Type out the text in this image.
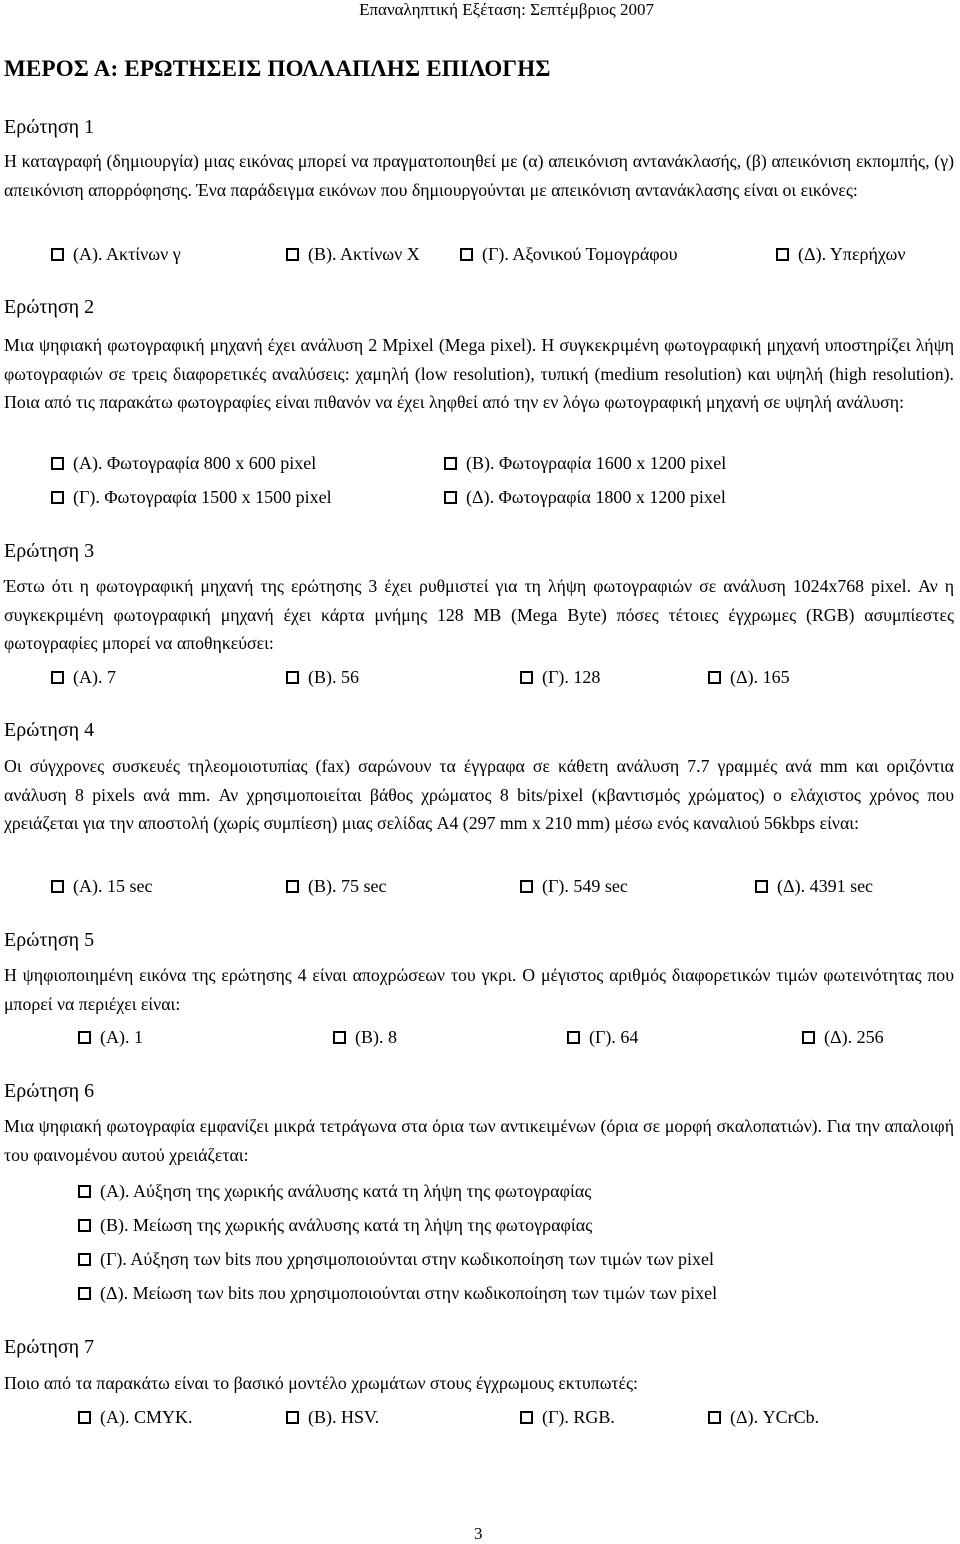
Επαναληπτική Εξέταση: Σεπτέμβριος 2007
ΜΕΡΟΣ Α: ΕΡΩΤΗΣΕΙΣ ΠΟΛΛΑΠΛΗΣ ΕΠΙΛΟΓΗΣ
Ερώτηση 1
Η καταγραφή (δημιουργία) μιας εικόνας μπορεί να πραγματοποιηθεί με (α) απεικόνιση αντανάκλασής, (β) απεικόνιση εκπομπής, (γ) απεικόνιση απορρόφησης. Ένα παράδειγμα εικόνων που δημιουργούνται με απεικόνιση αντανάκλασης είναι οι εικόνες:
(Α). Ακτίνων γ	(Β). Ακτίνων Χ	(Γ). Αξονικού Τομογράφου	(Δ). Υπερήχων
Ερώτηση 2
Μια ψηφιακή φωτογραφική μηχανή έχει ανάλυση 2 Mpixel (Mega pixel). Η συγκεκριμένη φωτογραφική μηχανή υποστηρίζει λήψη φωτογραφιών σε τρεις διαφορετικές αναλύσεις: χαμηλή (low resolution), τυπική (medium resolution) και υψηλή (high resolution). Ποια από τις παρακάτω φωτογραφίες είναι πιθανόν να έχει ληφθεί από την εν λόγω φωτογραφική μηχανή σε υψηλή ανάλυση:
(Α). Φωτογραφία 800 x 600 pixel	(Β). Φωτογραφία 1600 x 1200 pixel
(Γ). Φωτογραφία 1500 x 1500 pixel	(Δ). Φωτογραφία 1800 x 1200 pixel
Ερώτηση 3
Έστω ότι η φωτογραφική μηχανή της ερώτησης 3 έχει ρυθμιστεί για τη λήψη φωτογραφιών σε ανάλυση 1024x768 pixel. Αν η συγκεκριμένη φωτογραφική μηχανή έχει κάρτα μνήμης 128 MB (Mega Byte) πόσες τέτοιες έγχρωμες (RGB) ασυμπίεστες φωτογραφίες μπορεί να αποθηκεύσει:
(Α). 7	(Β). 56	(Γ). 128	(Δ). 165
Ερώτηση 4
Οι σύγχρονες συσκευές τηλεομοιοτυπίας (fax) σαρώνουν τα έγγραφα σε κάθετη ανάλυση 7.7 γραμμές ανά mm και οριζόντια ανάλυση 8 pixels ανά mm. Αν χρησιμοποιείται βάθος χρώματος 8 bits/pixel (κβαντισμός χρώματος) ο ελάχιστος χρόνος που χρειάζεται για την αποστολή (χωρίς συμπίεση) μιας σελίδας A4 (297 mm x 210 mm) μέσω ενός καναλιού 56kbps είναι:
(Α). 15 sec	(Β). 75 sec	(Γ). 549 sec	(Δ). 4391 sec
Ερώτηση 5
Η ψηφιοποιημένη εικόνα της ερώτησης 4 είναι αποχρώσεων του γκρι. Ο μέγιστος αριθμός διαφορετικών τιμών φωτεινότητας που μπορεί να περιέχει είναι:
(Α). 1	(Β). 8	(Γ). 64	(Δ). 256
Ερώτηση 6
Μια ψηφιακή φωτογραφία εμφανίζει μικρά τετράγωνα στα όρια των αντικειμένων (όρια σε μορφή σκαλοπατιών). Για την απαλοιφή του φαινομένου αυτού χρειάζεται:
(Α). Αύξηση της χωρικής ανάλυσης κατά τη λήψη της φωτογραφίας
(Β). Μείωση της χωρικής ανάλυσης κατά τη λήψη της φωτογραφίας
(Γ). Αύξηση των bits που χρησιμοποιούνται στην κωδικοποίηση των τιμών των pixel
(Δ). Μείωση των bits που χρησιμοποιούνται στην κωδικοποίηση των τιμών των pixel
Ερώτηση 7
Ποιο από τα παρακάτω είναι το βασικό μοντέλο χρωμάτων στους έγχρωμους εκτυπωτές:
(Α). CMYK.	(Β). HSV.	(Γ). RGB.	(Δ). YCrCb.
3
